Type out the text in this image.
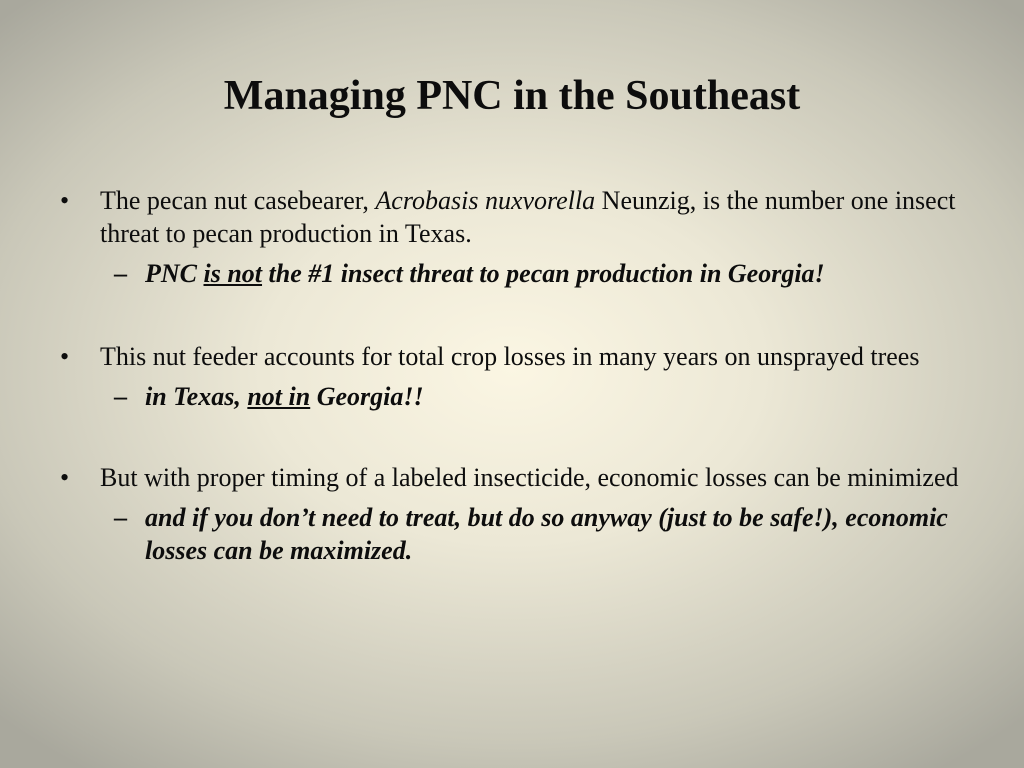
Managing PNC in the Southeast
• The pecan nut casebearer, Acrobasis nuxvorella Neunzig, is the number one insect threat to pecan production in Texas.
– PNC is not the #1 insect threat to pecan production in Georgia!
• This nut feeder accounts for total crop losses in many years on unsprayed trees
– in Texas, not in Georgia!!
• But with proper timing of a labeled insecticide, economic losses can be minimized
– and if you don’t need to treat, but do so anyway (just to be safe!), economic losses can be maximized.
